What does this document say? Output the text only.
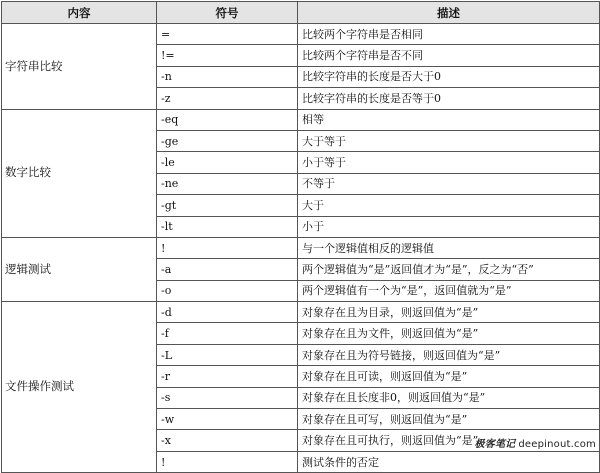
内容	符号	描述
字符串比较	=	比较两个字符串是否相同
	!=	比较两个字符串是否不同
	-n	比较字符串的长度是否大于0
	-z	比较字符串的长度是否等于0
数字比较	-eq	相等
	-ge	大于等于
	-le	小于等于
	-ne	不等于
	-gt	大于
	-lt	小于
逻辑测试	!	与一个逻辑值相反的逻辑值
	-a	两个逻辑值为“是”返回值才为“是”，反之为“否”
	-o	两个逻辑值有一个为“是”，返回值就为“是”
文件操作测试	-d	对象存在且为目录，则返回值为“是”
	-f	对象存在且为文件，则返回值为“是”
	-L	对象存在且为符号链接，则返回值为“是”
	-r	对象存在且可读，则返回值为“是”
	-s	对象存在且长度非0，则返回值为“是”
	-w	对象存在且可写，则返回值为“是”
	-x	对象存在且可执行，则返回值为“是”
	!	测试条件的否定
极客笔记 deepinout.com
